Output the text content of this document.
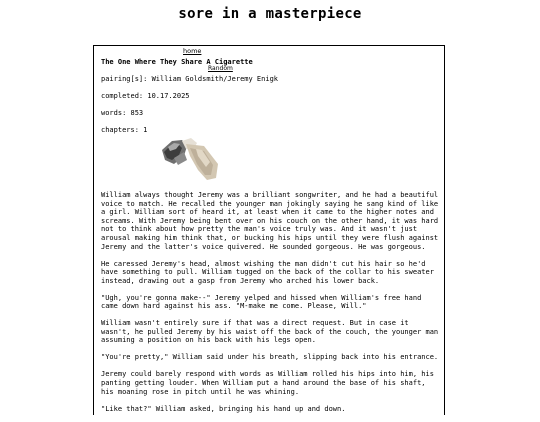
sore in a masterpiece
home

The One Where They Share A Cigarette

pairing[s]: William Goldsmith/Jeremy Enigk

completed: 10.17.2025

words: 853

chapters: 1

Random

William always thought Jeremy was a brilliant songwriter, and he had a beautiful voice to match. He recalled the younger man jokingly saying he sang kind of like a girl. William sort of heard it, at least when it came to the higher notes and screams. With Jeremy being bent over on his couch on the other hand, it was hard not to think about how pretty the man's voice truly was. And it wasn't just arousal making him think that, or bucking his hips until they were flush against Jeremy and the latter's voice quivered. He sounded gorgeous. He was gorgeous.

He caressed Jeremy's head, almost wishing the man didn't cut his hair so he'd have something to pull. William tugged on the back of the collar to his sweater instead, drawing out a gasp from Jeremy who arched his lower back.

"Ugh, you're gonna make--" Jeremy yelped and hissed when William's free hand came down hard against his ass. "M-make me come. Please, Will."

William wasn't entirely sure if that was a direct request. But in case it wasn't, he pulled Jeremy by his waist off the back of the couch, the younger man assuming a position on his back with his legs open.

"You're pretty," William said under his breath, slipping back into his entrance.

Jeremy could barely respond with words as William rolled his hips into him, his panting getting louder. When William put a hand around the base of his shaft, his moaning rose in pitch until he was whining.

"Like that?" William asked, bringing his hand up and down.
